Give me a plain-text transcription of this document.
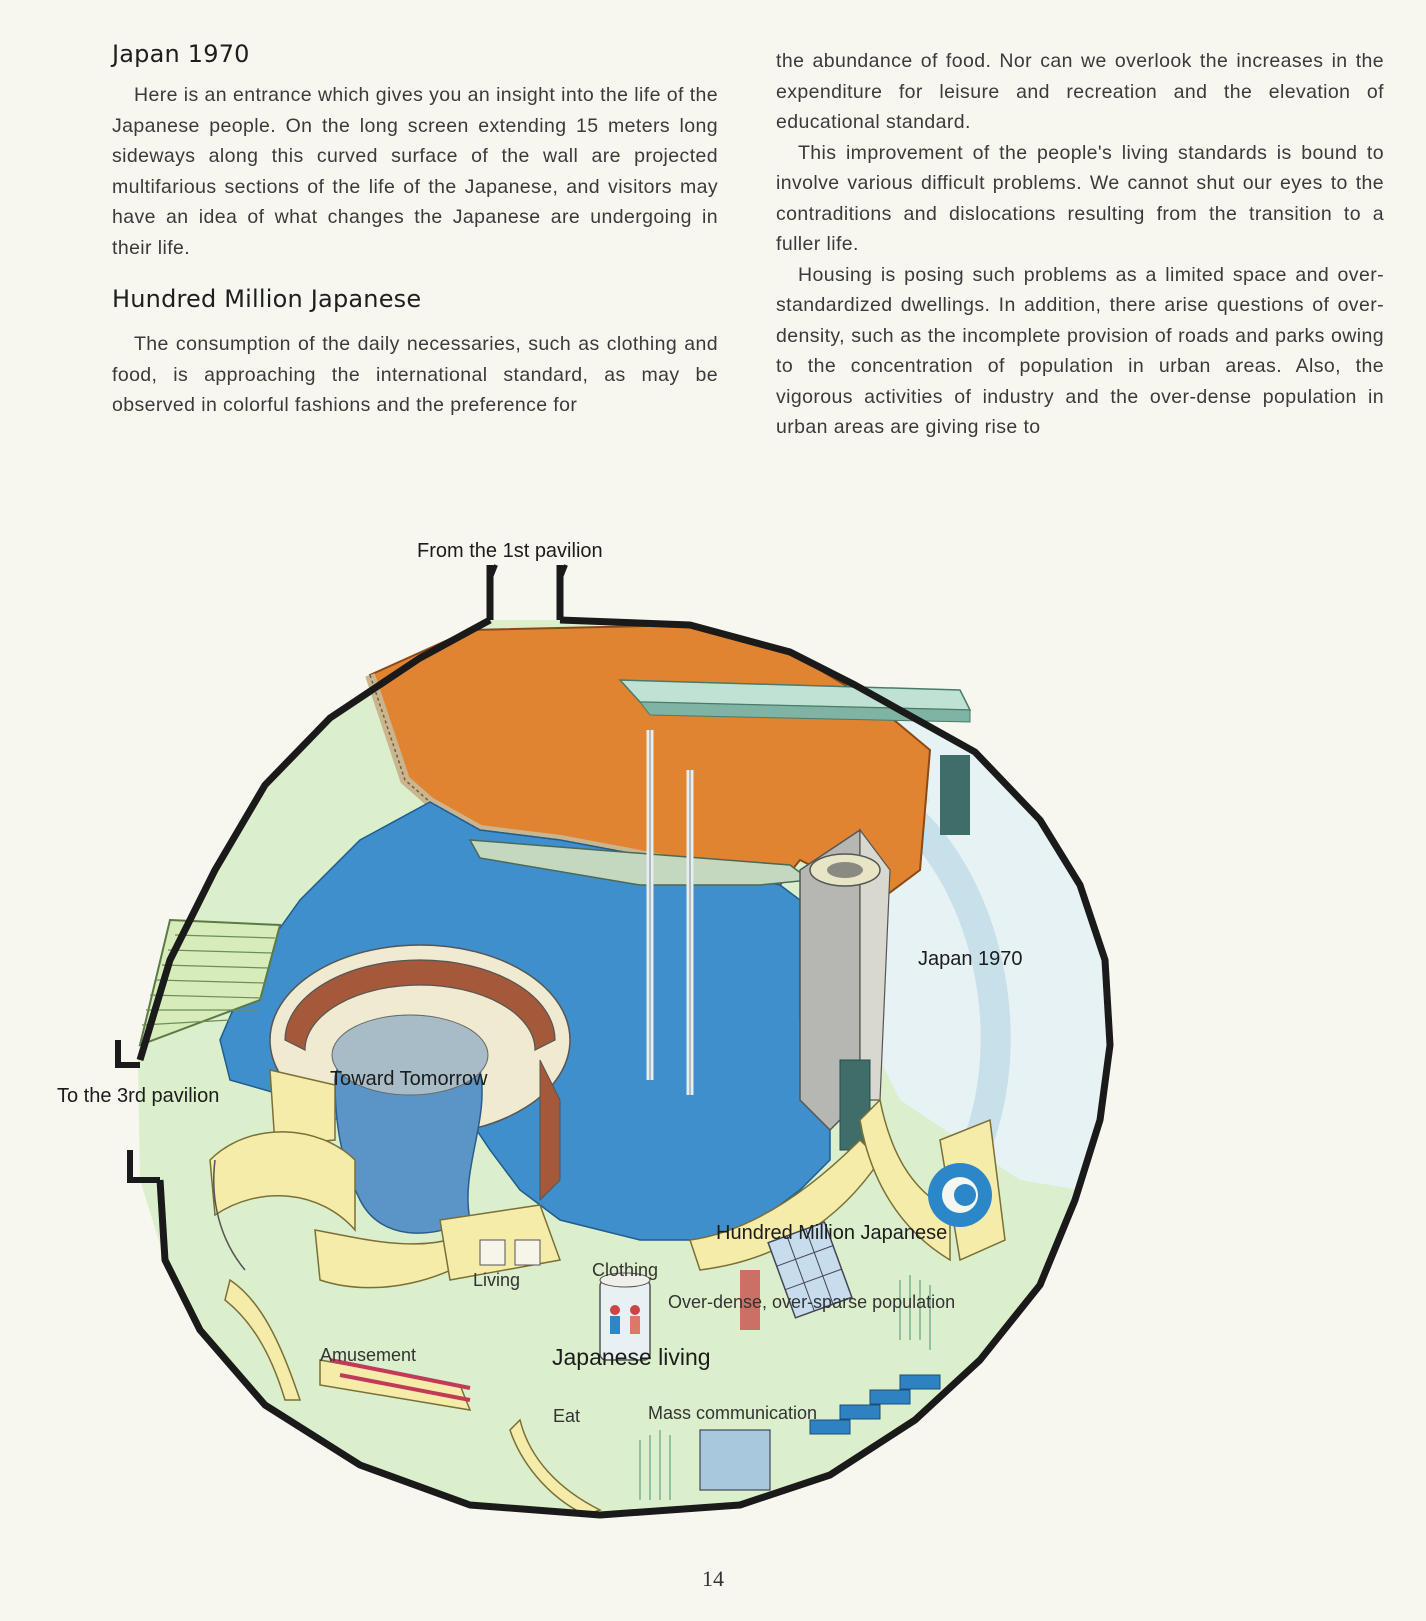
Japan 1970

Here is an entrance which gives you an insight into the life of the Japanese people. On the long screen extending 15 meters long sideways along this curved surface of the wall are projected multifarious sections of the life of the Japanese, and visitors may have an idea of what changes the Japanese are undergoing in their life.

Hundred Million Japanese

The consumption of the daily necessaries, such as clothing and food, is approaching the international standard, as may be observed in colorful fashions and the preference for

the abundance of food. Nor can we overlook the increases in the expenditure for leisure and recreation and the elevation of educational standard.

This improvement of the people's living standards is bound to involve various difficult problems. We cannot shut our eyes to the contraditions and dislocations resulting from the transition to a fuller life.

Housing is posing such problems as a limited space and over-standardized dwellings. In addition, there arise questions of over-density, such as the incomplete provision of roads and parks owing to the concentration of population in urban areas. Also, the vigorous activities of industry and the over-dense population in urban areas are giving rise to

From the 1st pavilion
To the 3rd pavilion
Japan 1970
Toward Tomorrow
Hundred Million Japanese
Living	Clothing
Over-dense, over-sparse population
Amusement	Japanese living
Eat	Mass communication
14
